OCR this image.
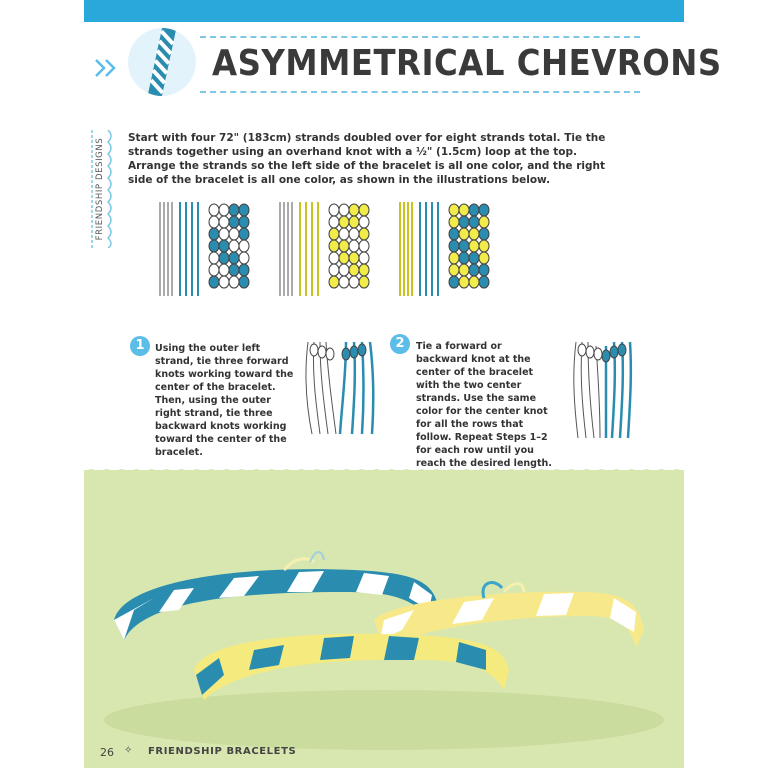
ASYMMETRICAL CHEVRONS
FRIENDSHIP DESIGNS Start with four 72" (183cm) strands doubled over for eight strands total. Tie the strands together using an overhand knot with a ½" (1.5cm) loop at the top. Arrange the strands so the left side of the bracelet is all one color, and the right side of the bracelet is all one color, as shown in the illustrations below.

1	Using the outer left strand, tie three forward knots working toward the center of the bracelet. Then, using the outer right strand, tie three backward knots working toward the center of the bracelet.

2	Tie a forward or backward knot at the center of the bracelet with the two center strands. Use the same color for the center knot for all the rows that follow. Repeat Steps 1–2 for each row until you reach the desired length.

26 ✧ FRIENDSHIP BRACELETS
